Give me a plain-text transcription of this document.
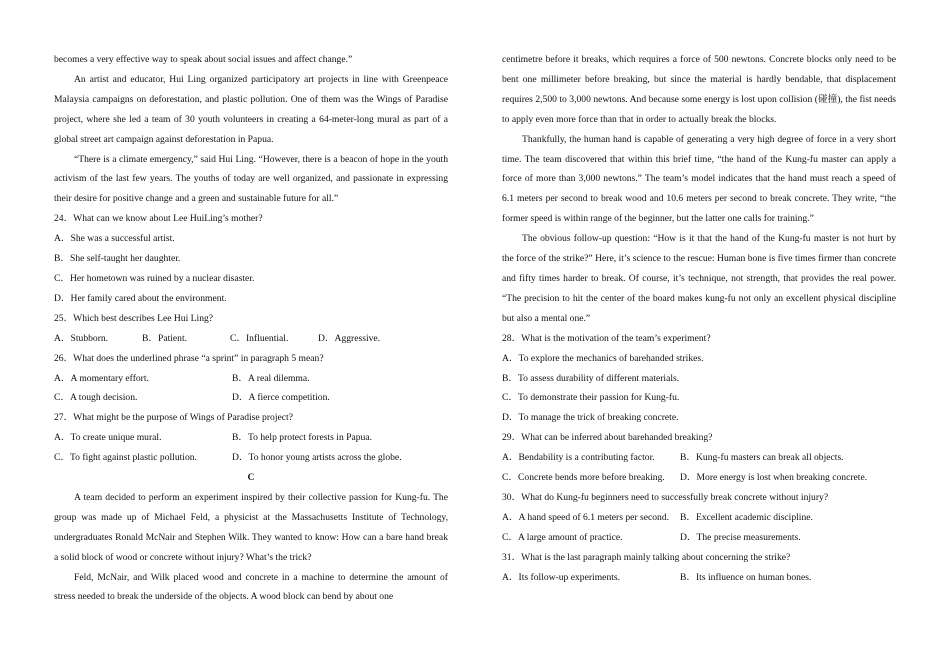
becomes a very effective way to speak about social issues and affect change.”

An artist and educator, Hui Ling organized participatory art projects in line with Greenpeace Malaysia campaigns on deforestation, and plastic pollution. One of them was the Wings of Paradise project, where she led a team of 30 youth volunteers in creating a 64-meter-long mural as part of a global street art campaign against deforestation in Papua.

“There is a climate emergency,” said Hui Ling. “However, there is a beacon of hope in the youth activism of the last few years. The youths of today are well organized, and passionate in expressing their desire for positive change and a green and sustainable future for all.”

24．What can we know about Lee HuiLing’s mother?
A．She was a successful artist.
B．She self-taught her daughter.
C．Her hometown was ruined by a nuclear disaster.
D．Her family cared about the environment.
25．Which best describes Lee Hui Ling?
A．Stubborn.	B．Patient.	C．Influential.	D．Aggressive.
26．What does the underlined phrase “a sprint” in paragraph 5 mean?
A．A momentary effort.	B．A real dilemma.
C．A tough decision.	D．A fierce competition.
27．What might be the purpose of Wings of Paradise project?
A．To create unique mural.	B．To help protect forests in Papua.
C．To fight against plastic pollution.	D．To honor young artists across the globe.
C

A team decided to perform an experiment inspired by their collective passion for Kung-fu. The group was made up of Michael Feld, a physicist at the Massachusetts Institute of Technology, undergraduates Ronald McNair and Stephen Wilk. They wanted to know: How can a bare hand break a solid block of wood or concrete without injury? What’s the trick?

Feld, McNair, and Wilk placed wood and concrete in a machine to determine the amount of stress needed to break the underside of the objects. A wood block can bend by about one

centimetre before it breaks, which requires a force of 500 newtons. Concrete blocks only need to be bent one millimeter before breaking, but since the material is hardly bendable, that displacement requires 2,500 to 3,000 newtons. And because some energy is lost upon collision (碰撞), the fist needs to apply even more force than that in order to actually break the blocks.

Thankfully, the human hand is capable of generating a very high degree of force in a very short time. The team discovered that within this brief time, “the hand of the Kung-fu master can apply a force of more than 3,000 newtons.” The team’s model indicates that the hand must reach a speed of 6.1 meters per second to break wood and 10.6 meters per second to break concrete. They write, “the former speed is within range of the beginner, but the latter one calls for training.”

The obvious follow-up question: “How is it that the hand of the Kung-fu master is not hurt by the force of the strike?” Here, it’s science to the rescue: Human bone is five times firmer than concrete and fifty times harder to break. Of course, it’s technique, not strength, that provides the real power. “The precision to hit the center of the board makes kung-fu not only an excellent physical discipline but also a mental one.”

28．What is the motivation of the team’s experiment?
A．To explore the mechanics of barehanded strikes.
B．To assess durability of different materials.
C．To demonstrate their passion for Kung-fu.
D．To manage the trick of breaking concrete.
29．What can be inferred about barehanded breaking?
A．Bendability is a contributing factor.	B．Kung-fu masters can break all objects.
C．Concrete bends more before breaking.	D．More energy is lost when breaking concrete.
30．What do Kung-fu beginners need to successfully break concrete without injury?
A．A hand speed of 6.1 meters per second.	B．Excellent academic discipline.
C．A large amount of practice.	D．The precise measurements.
31．What is the last paragraph mainly talking about concerning the strike?
A．Its follow-up experiments.	B．Its influence on human bones.
